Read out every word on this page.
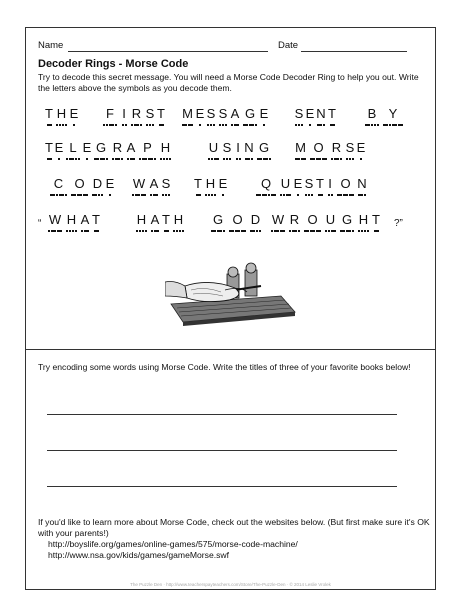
Name	Date
Decoder Rings - Morse Code
Try to decode this secret message. You will need a Morse Code Decoder Ring to help you out. Write the letters above the symbols as you decode them.
T H E	F I R S T M E S S A G E S E N T	B Y
T E L E G R A P H	U S I N G	M O R S E
C O D E W A S T H E	Q U E S T I O N
“ W H A T	H A T H	G O D W R O U G H T ?”
Try encoding some words using Morse Code. Write the titles of three of your favorite books below!
If you'd like to learn more about Morse Code, check out the websites below. (But first make sure it's OK with your parents!)
http://boyslife.org/games/online-games/575/morse-code-machine/
http://www.nsa.gov/kids/games/gameMorse.swf
The Puzzle Den · http://www.teacherspayteachers.com/Store/The-Puzzle-Den · © 2014 Leslie Vrolek
